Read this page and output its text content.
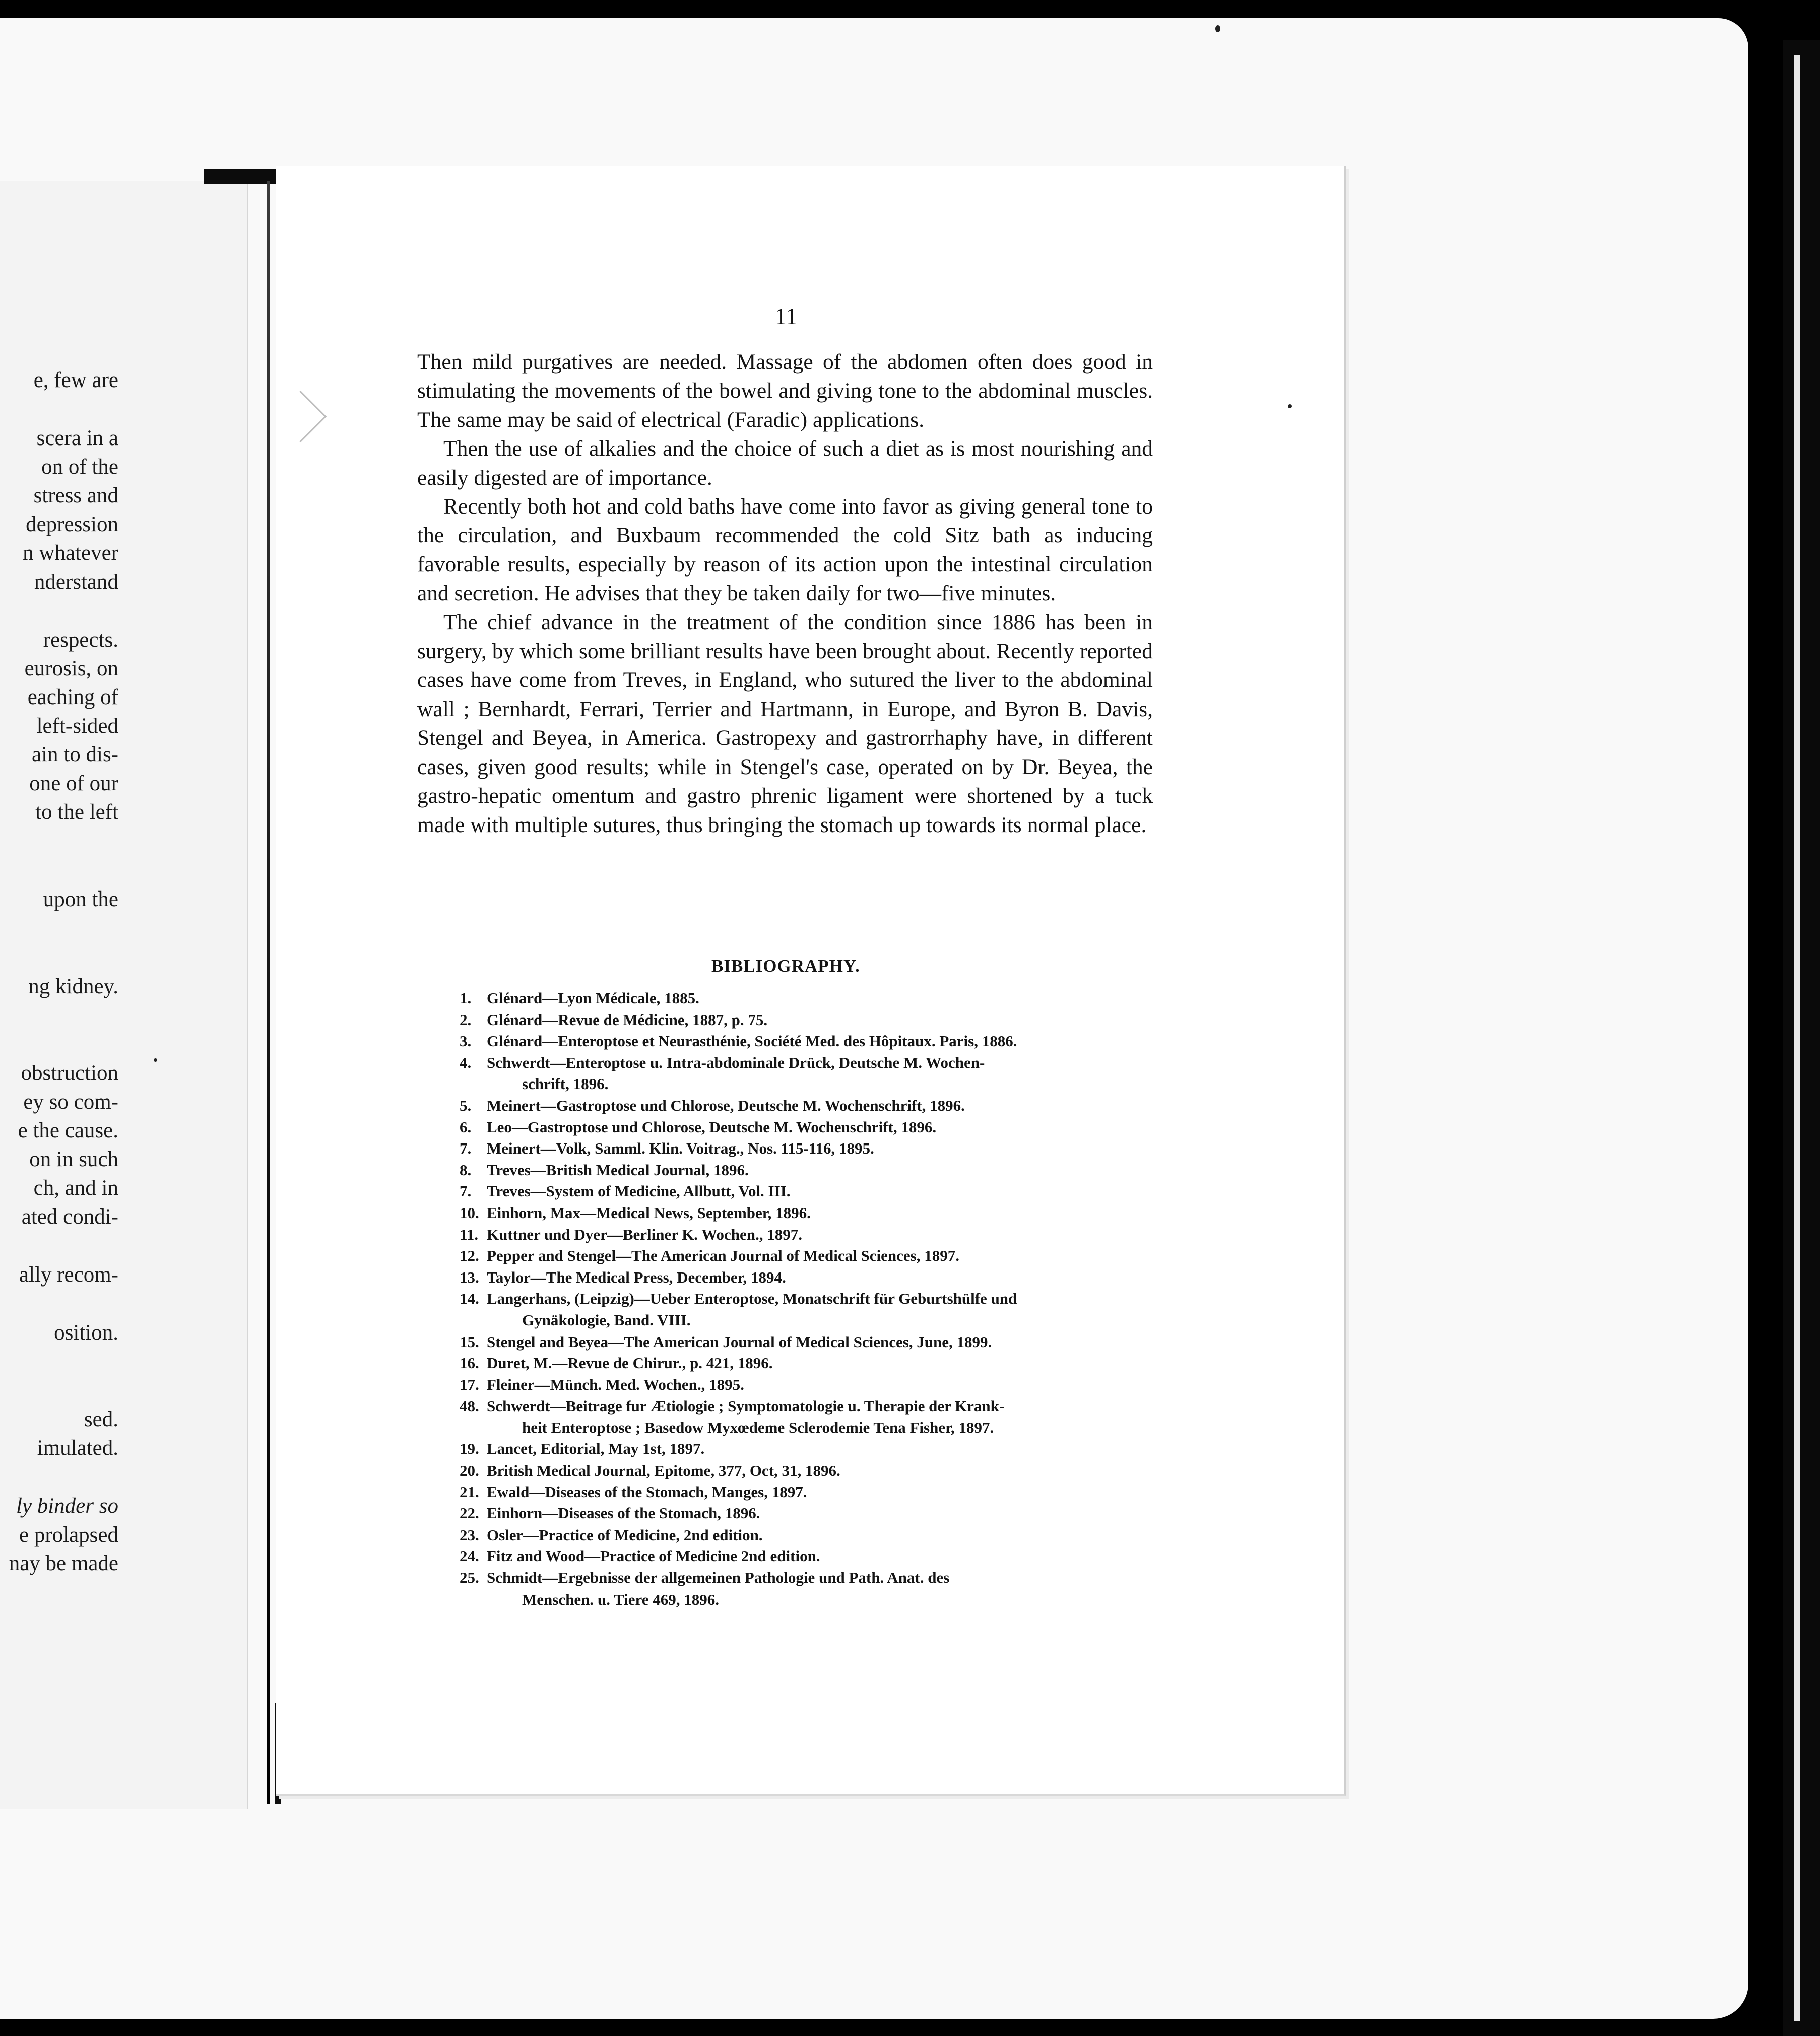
e, few are
scera in a
on of the
stress and
depression
n whatever
nderstand
respects.
eurosis, on
eaching of
left-sided
ain to dis-
one of our
to the left
upon the
ng kidney.
obstruction
ey so com-
e the cause.
on in such
ch, and in
ated condi-
ally recom-
osition.
sed.
imulated.
ly binder so
e prolapsed
nay be made
11

Then mild purgatives are needed. Massage of the abdomen often does good in stimulating the movements of the bowel and giving tone to the abdominal muscles. The same may be said of electrical (Faradic) applications.

Then the use of alkalies and the choice of such a diet as is most nourishing and easily digested are of importance.

Recently both hot and cold baths have come into favor as giving general tone to the circulation, and Buxbaum recommended the cold Sitz bath as inducing favorable results, especially by reason of its action upon the intestinal circulation and secretion. He advises that they be taken daily for two—five minutes.

The chief advance in the treatment of the condition since 1886 has been in surgery, by which some brilliant results have been brought about. Recently reported cases have come from Treves, in England, who sutured the liver to the abdominal wall ; Bernhardt, Ferrari, Terrier and Hartmann, in Europe, and Byron B. Davis, Stengel and Beyea, in America. Gastropexy and gastrorrhaphy have, in different cases, given good results; while in Stengel's case, operated on by Dr. Beyea, the gastro-hepatic omentum and gastro phrenic ligament were shortened by a tuck made with multiple sutures, thus bringing the stomach up towards its normal place.

BIBLIOGRAPHY.
1. Glénard—Lyon Médicale, 1885.
2. Glénard—Revue de Médicine, 1887, p. 75.
3. Glénard—Enteroptose et Neurasthénie, Société Med. des Hôpitaux. Paris, 1886.
4. Schwerdt—Enteroptose u. Intra-abdominale Drück, Deutsche M. Wochen-
schrift, 1896.
5. Meinert—Gastroptose und Chlorose, Deutsche M. Wochenschrift, 1896.
6. Leo—Gastroptose und Chlorose, Deutsche M. Wochenschrift, 1896.
7. Meinert—Volk, Samml. Klin. Voitrag., Nos. 115-116, 1895.
8. Treves—British Medical Journal, 1896.
7. Treves—System of Medicine, Allbutt, Vol. III.
10. Einhorn, Max—Medical News, September, 1896.
11. Kuttner und Dyer—Berliner K. Wochen., 1897.
12. Pepper and Stengel—The American Journal of Medical Sciences, 1897.
13. Taylor—The Medical Press, December, 1894.
14. Langerhans, (Leipzig)—Ueber Enteroptose, Monatschrift für Geburtshülfe und
Gynäkologie, Band. VIII.
15. Stengel and Beyea—The American Journal of Medical Sciences, June, 1899.
16. Duret, M.—Revue de Chirur., p. 421, 1896.
17. Fleiner—Münch. Med. Wochen., 1895.
48. Schwerdt—Beitrage fur Ætiologie ; Symptomatologie u. Therapie der Krank-
heit Enteroptose ; Basedow Myxœdeme Sclerodemie Tena Fisher, 1897.
19. Lancet, Editorial, May 1st, 1897.
20. British Medical Journal, Epitome, 377, Oct, 31, 1896.
21. Ewald—Diseases of the Stomach, Manges, 1897.
22. Einhorn—Diseases of the Stomach, 1896.
23. Osler—Practice of Medicine, 2nd edition.
24. Fitz and Wood—Practice of Medicine 2nd edition.
25. Schmidt—Ergebnisse der allgemeinen Pathologie und Path. Anat. des
Menschen. u. Tiere 469, 1896.
